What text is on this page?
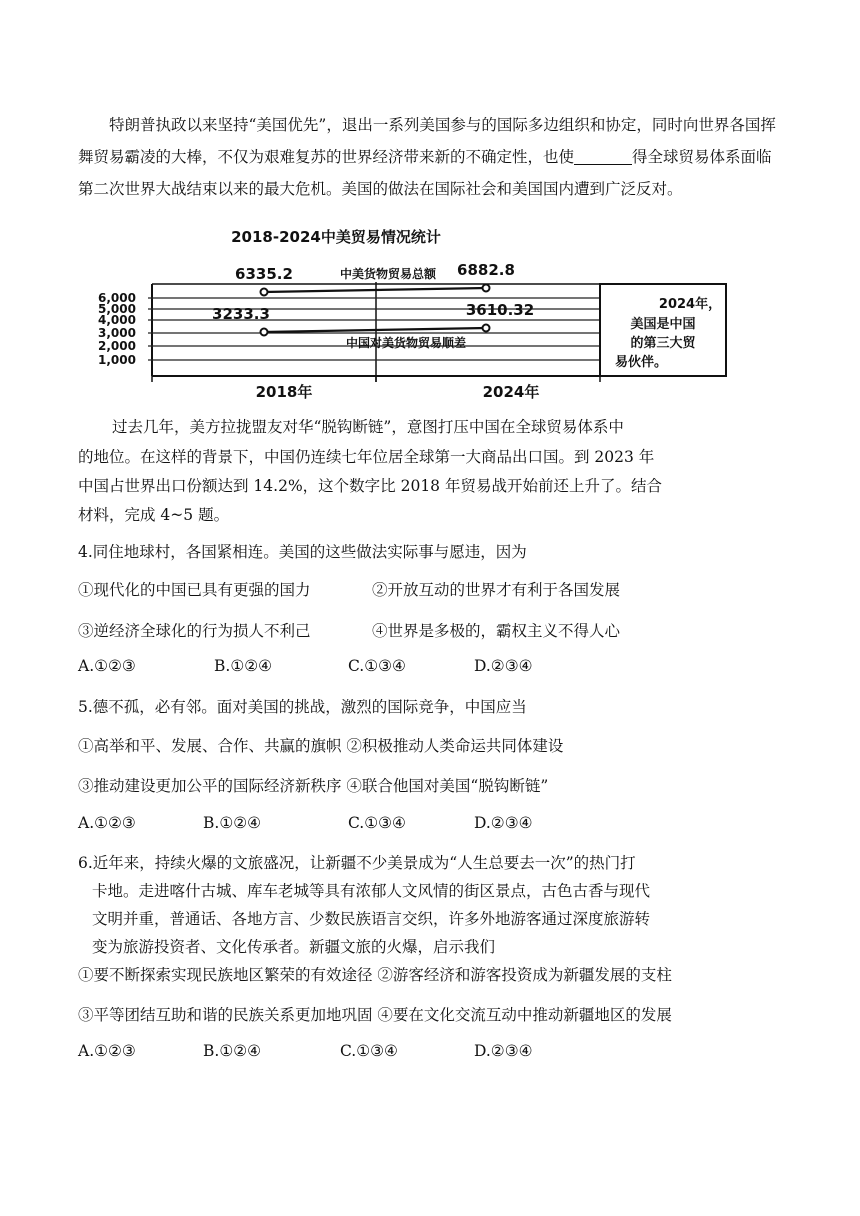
特朗普执政以来坚持“美国优先”，退出一系列美国参与的国际多边组织和协定，同时向世界各国挥舞贸易霸凌的大棒，不仅为艰难复苏的世界经济带来新的不确定性，也使	得全球贸易体系面临第二次世界大战结束以来的最大危机。美国的做法在国际社会和美国国内遭到广泛反对。

2018-2024中美贸易情况统计
6,000
5,000
4,000
3,000
2,000
1,000
中美货物贸易总额
中国对美货物贸易顺差
6335.2	6882.8
3233.3	3610.32
2018年	2024年
2024年，
美国是中国
的第三大贸
易伙伴。

过去几年，美方拉拢盟友对华“脱钩断链”，意图打压中国在全球贸易体系中

的地位。在这样的背景下，中国仍连续七年位居全球第一大商品出口国。到 2023 年

中国占世界出口份额达到 14.2%，这个数字比 2018 年贸易战开始前还上升了。结合

材料，完成 4~5 题。

4.同住地球村，各国紧相连。美国的这些做法实际事与愿违，因为

①现代化的中国已具有更强的国力	②开放互动的世界才有利于各国发展
③逆经济全球化的行为损人不利己	④世界是多极的，霸权主义不得人心
A.①②③	B.①②④	C.①③④	D.②③④

5.德不孤，必有邻。面对美国的挑战，激烈的国际竞争，中国应当

①高举和平、发展、合作、共赢的旗帜 ②积极推动人类命运共同体建设

③推动建设更加公平的国际经济新秩序 ④联合他国对美国“脱钩断链”

A.①②③	B.①②④	C.①③④	D.②③④

6.近年来，持续火爆的文旅盛况，让新疆不少美景成为“人生总要去一次”的热门打

卡地。走进喀什古城、库车老城等具有浓郁人文风情的街区景点，古色古香与现代

文明并重，普通话、各地方言、少数民族语言交织，许多外地游客通过深度旅游转

变为旅游投资者、文化传承者。新疆文旅的火爆，启示我们

①要不断探索实现民族地区繁荣的有效途径 ②游客经济和游客投资成为新疆发展的支柱

③平等团结互助和谐的民族关系更加地巩固 ④要在文化交流互动中推动新疆地区的发展

A.①②③	B.①②④	C.①③④	D.②③④
